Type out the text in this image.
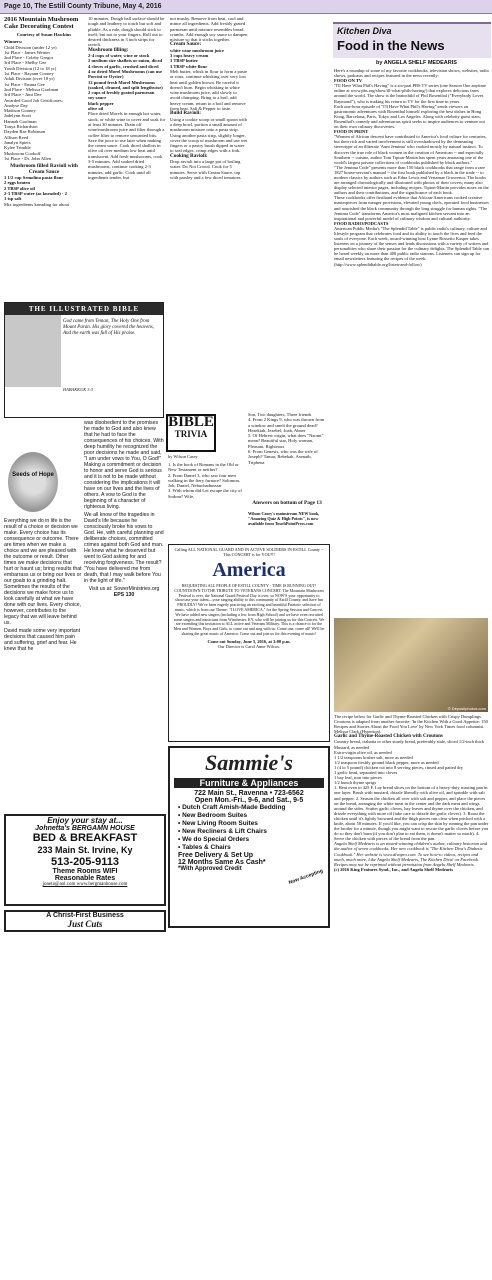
Page 10, The Estill County Tribune, May 4, 2016
2016 Mountain Mushroom Cake Decorating Contest
Courtesy of Susan Hawkins
Winners:
Child Division (under 12 yr)
1st Place - James Werner
2nd Place - Coleby Gregor
3rd Place - Shelby Gee
Youth Division (12 to 18 yr)
1st Place - Rayann Cooney
Adult Division (over 18 yr)
1st Place - Emma Gee
2nd Place - Melissa Goolman
3rd Place - Jimi Dee
Awarded Good Job Certificates:
Analyse Day
Madison Gooney
Jadelynn Scott
Hannah Goolman
Tonya Richardson
Dayden Rae Robinson
Allison Reed
Janalyn Spiers
Kylee Trimble
Mushroom Cookoff
1st Place - Dr. John Allen
Mushroom filled Ravioli with Cream Sauce
1 1/2 cup Semolina pasta flour
2 eggs beaten
2 TBSP olive oil
2-3 TBSP water (as kneaded) - 2
1 tsp salt
Mix ingredients kneading for about
10 minutes. Dough ball surface should be tough and leathery to touch but soft and pliable. As a rule, dough should stick to itself, but not to your fingers. Roll out to desired thickness in 3 inch strips for ravioli.
Mushroom filling:
2-4 cups of water, wine or stock
2 medium size shallots or onion, diced
4 cloves of garlic, crushed and diced
4 oz dried Morel Mushrooms (can use Porcini or Oyster)
12 pound fresh Morel Mushrooms (soaked, cleaned, and split lengthwise)
2 cups of freshly grated parmesan
soy sauce
black pepper
olive oil
Place dried Morels in enough hot water, stock, or white wine to cover and soak for at least 30 minutes. Drain off wine/mushroom juice and filter through a coffee filter to remove unwanted bits. Save the juice to use later when making the cream sauce. Cook diced shallots in olive oil over medium low heat until translucent. Add fresh mushrooms, cook 3-5 minutes. Add soaked dried mushrooms, continue cooking 2-3 minutes, add garlic. Cook until all ingredients tender, but
not mushy. Remove from heat, cool and mince all ingredients. Add freshly grated parmesan until mixture resembles bread crumbs. Add enough soy sauce to dampen mixture so that it sticks together.
Cream Sauce:
white wine mushroom juice
3 cups heavy cream
3 TBSP butter
3 TBSP white flour
Melt butter, whisk in flour to form a paste or roux, continue whisking over very low heat until golden brown. Be careful it doesn't burn. Begin whisking in white wine mushroom juice, add slowly to avoid clumping. Bring to a boil, add heavy cream, return to a boil and remove from heat. Salt & Pepper to taste.
Build Ravioli:
Using a cookie scoop or small spoon with a deep bowl, portion a small amount of mushroom mixture onto a pasta strip. Using another pasta strip, slightly longer, cover the scoop of mushroom and use wet fingers or a pastry brush dipped in water to seal edges, crimp edges with a fork.
Cooking Ravioli:
Drop ravioli into a large pot of boiling water. Do Not Crowd. Cook for 5 minutes. Serve with Cream Sauce, top with parsley and a few diced tomatoes.
THE ILLUSTRATED BIBLE
God came from Teman, The Holy One from Mount Paran. His glory covered the heavens, And the earth was full of His praise.
HABAKKUK 3:3
Seeds of Hope
Everything we do in life is the result of a choice or decision we make. Every choice has its consequence or outcome. There are times when we make a choice and we are pleased with the outcome or result. Other times we make decisions that hurt or haunt us; bring results that embarrass us or bring our lives or our goals to a grinding halt. Sometimes the results of the decisions we make force us to look carefully at what we have done with our lives. Every choice, however, contributes to the legacy that we will leave behind us.
David made some very important decisions that caused him pain and suffering, grief and fear. He knew that he
was disobedient to the promises he made to God and also knew that he had to face the consequences of his choices. With deep humility he recognized the poor decisions he made and said, "I am under vows to You, O God!" Making a commitment or decision to honor and serve God is serious and it is not to be made without considering the implications it will have on our lives and the lives of others. A vow to God is the beginning of a character of righteous living.
We all know of the tragedies in David's life because he consciously broke his vows to God. He, with careful planning and deliberate choices, committed crimes against both God and man. He knew what he deserved but went to God asking for and receiving forgiveness. The result? "You have delivered me from death, that I may walk before You in the light of life."
Visit us at: SowerMinistries.org
EPS 130
BIBLE
TRIVIA
by Wilson Casey
1. Is the book of Romans in the Old or New Testament or neither?
2. From Daniel 3, who saw four men walking in the fiery furnace? Solomon, Job, Daniel, Nebuchadnezzar
3. With whom did Lot escape the city of Sodom? Wife,
Son, Two daughters, Three friends
4. From 2 Kings 9, who was thrown from a window and smelt the ground dead? Hezekiah, Jezebel, Joab, Abner
5. Of Hebrew origin, what does "Naomi" mean? Beautiful star, Holy woman, Pleasant, Righteous
6. From Genesis, who was the wife of Joseph? Tamar, Rebekah, Asenath, Triphena
Answers on bottom of Page 13
Wilson Casey's mainstream NEW book, "Amazing Quiz & High Points", is now available from TouchPointPress.com
Calling ALL NATIONAL GUARD AND IN ACTIVE SOLDIERS IN ESTILL County ~ This CONCERT is for YOU!!!
America
REQUESTING ALL PEOPLE OF ESTILL COUNTY - TIME IS RUNNING OUT! COUNTDOWN TO THE TRIBUTE TO VETERANS CONCERT. The Mountain Mushroom Festival is over, the National Guard Festival Day is over, so NOW'S your opportunity to showcase your talent—your singing ability to this community of Estill County, and have fun PROUDLY! We've been eagerly practicing an exciting and beautiful Patriotic selection of music, which is from our Theme: "I LOVE AMERICA," for the Spring Session and Concert. We have added new singers (including a few from High School) and we have even recruited some singers and musicians from Winchester, KY, who will be joining us for this Concert. We are extending this invitation to ALL active and Veterans Military. This is a chance to for the Men and Women, Boys and Girls, to come out and sing with us. Come one, come all! We'll be sharing the great music of America. Come out and join us for this evening of music!
Come out Sunday, June 5, 2016, at 3:00 p.m.
Our Director is Carol Anne Wilcox.
Enjoy your stay at...
Johnetta's BERGAMN HOUSE
BED & BREAKFAST
233 Main St. Irvine, Ky
513-205-9113
Theme Rooms WIFI
Reasonable Rates
joneta@aol.com www.bergmanhouse.com
A Christ-First Business
Just Cuts
Sammie's
Furniture & Appliances
722 Main St., Ravenna • 723-6562
Open Mon.-Fri., 9-6, and Sat., 9-5
• Dutch Craft Amish-Made Bedding
• New Bedroom Suites
• New Living Room Suites
• New Recliners & Lift Chairs
• We do Special Orders
• Tables & Chairs
Free Delivery & Set Up
12 Months Same As Cash*
*With Approved Credit	Now Accepting
Kitchen Diva
Food in the News
by ANGELA SHELF MEDEARIS
Here's a roundup of some of my favorite cookbooks, television shows, websites, radio shows, podcasts and recipes featured in the news recently:
FOOD ON TV
"I'll Have What Phil's Having" is a six-part PBS TV series (one Season One anytime online at www.pbs.org/show/ill-what-phils-having/) that explores delicious fares around the world. The show is the brainchild of Phil Rosenthal ("Everybody Loves Raymond"), who is making his return to TV for the first time in years.
Each one-hour episode of "I'll Have What Phil's Having" sends viewers on gastronomic adventures with Rosenthal himself exploring the best dishes in Hong Kong, Barcelona, Paris, Tokyo and Los Angeles. Along with celebrity guest stars, Rosenthal's comedy and adventurous spirit seeks to inspire audiences to venture out on their own culinary discoveries.
FOOD IN PRINT
"Women of African descent have contributed to America's food culture for centuries, but their rich and varied involvement is still overshadowed by the demeaning stereotype of an illiterate 'Aunt Jemima' who cooked mostly by natural instinct. To discover the true role of black women in the creation of American -- and especially Southern -- cuisine, author Toni Tipton-Martin has spent years amassing one of the world's largest private collections of cookbooks published by black authors."
"The Jemima Code" presents more than 150 black cookbooks that range from a rare 1827 house-servant's manual -- the first book published by a black in the trade -- to modern classics by authors such as Edna Lewis and Vertamae Grosvenor. The books are arranged chronologically and illustrated with photos of their covers; many also display selected interior pages, including recipes. Tipton-Martin provides notes on the authors and their contributions, and the significance of each book.
These cookbooks offer firsthand evidence that African-Americans cooked creative masterpieces from meager provisions, elevated young chefs, operated food businesses and nourished the black community through the long struggle for human rights. "The Jemima Code" transforms America's most maligned kitchen servant into an inspirational and powerful model of culinary wisdom and cultural authority.
FOOD RADIO/PODCASTS
American Public Media's "The Splendid Table" is public radio's culinary, culture and lifestyle program that celebrates food and its ability to touch the lives and feed the souls of everyone. Each week, award-winning host Lynne Rossetto Kasper takes listeners on a journey of the senses and leads discussions with a variety of writers and personalities who share their passion for the culinary delights. The Splendid Table can be heard weekly on more than 400 public radio stations. Listeners can sign up for email newsletters featuring the recipes of the week. (http://www.splendidtable.org/listen-and-follow)
© Depositphotos.com
The recipe below for Garlic and Thyme-Roasted Chicken with Crispy Dumplings Croutons is adapted from another favorite: 'In the Kitchen With a Good Appetite: 150 Recipes and Stories About the Food You Love' by New York Times food columnist Melissa Clark (Hyperion).
Garlic and Thyme-Roasted Chicken with Croutons
Country bread, ciabatta or other sturdy bread, preferably stale, sliced 1/2-inch thick
Mustard, as needed
Extra-virgin olive oil, as needed
1 1/2 teaspoons kosher salt, more as needed
1/2 teaspoon freshly ground black pepper, more as needed
1 (4 to 5 pound) chicken cut into 8 serving pieces, rinsed and patted dry
1 garlic head, separated into cloves
1 bay leaf, torn into pieces
1/2 bunch thyme sprigs
1. Heat oven to 425 F. Lay bread slices on the bottom of a heavy-duty roasting pan in one layer. Brush with mustard, drizzle liberally with olive oil, and sprinkle with salt and pepper. 2. Season the chicken all over with salt and pepper, and place the pieces on the bread, arranging the white meat in the center and the dark meat and wings around the sides. Scatter garlic cloves, bay leaves and thyme over the chicken, and drizzle everything with more oil (take care to drizzle the garlic cloves). 3. Roast the chicken until it's lightly browned and the thigh pieces run clear when pricked with a knife, about 50 minutes. If you'd like, you can crisp the skin by running the pan under the broiler for a minute, though you might want to rescue the garlic cloves before you do so they don't burn (if you don't plan to eat them, it doesn't matter so much). 4. Serve the chicken with pieces of the bread from the pan.
Angela Shelf Medearis is an award-winning children's author, culinary historian and the author of seven cookbooks. Her new cookbook is "The Kitchen Diva's Diabetic Cookbook." Her website is www.divapro.com. To see how-to videos, recipes and much, much more, Like Angela Shelf Medearis, The Kitchen Diva! on Facebook. Recipes may not be reprinted without permission from Angela Shelf Medearis.
(c) 2016 King Features Synd., Inc., and Angela Shelf Medearis
